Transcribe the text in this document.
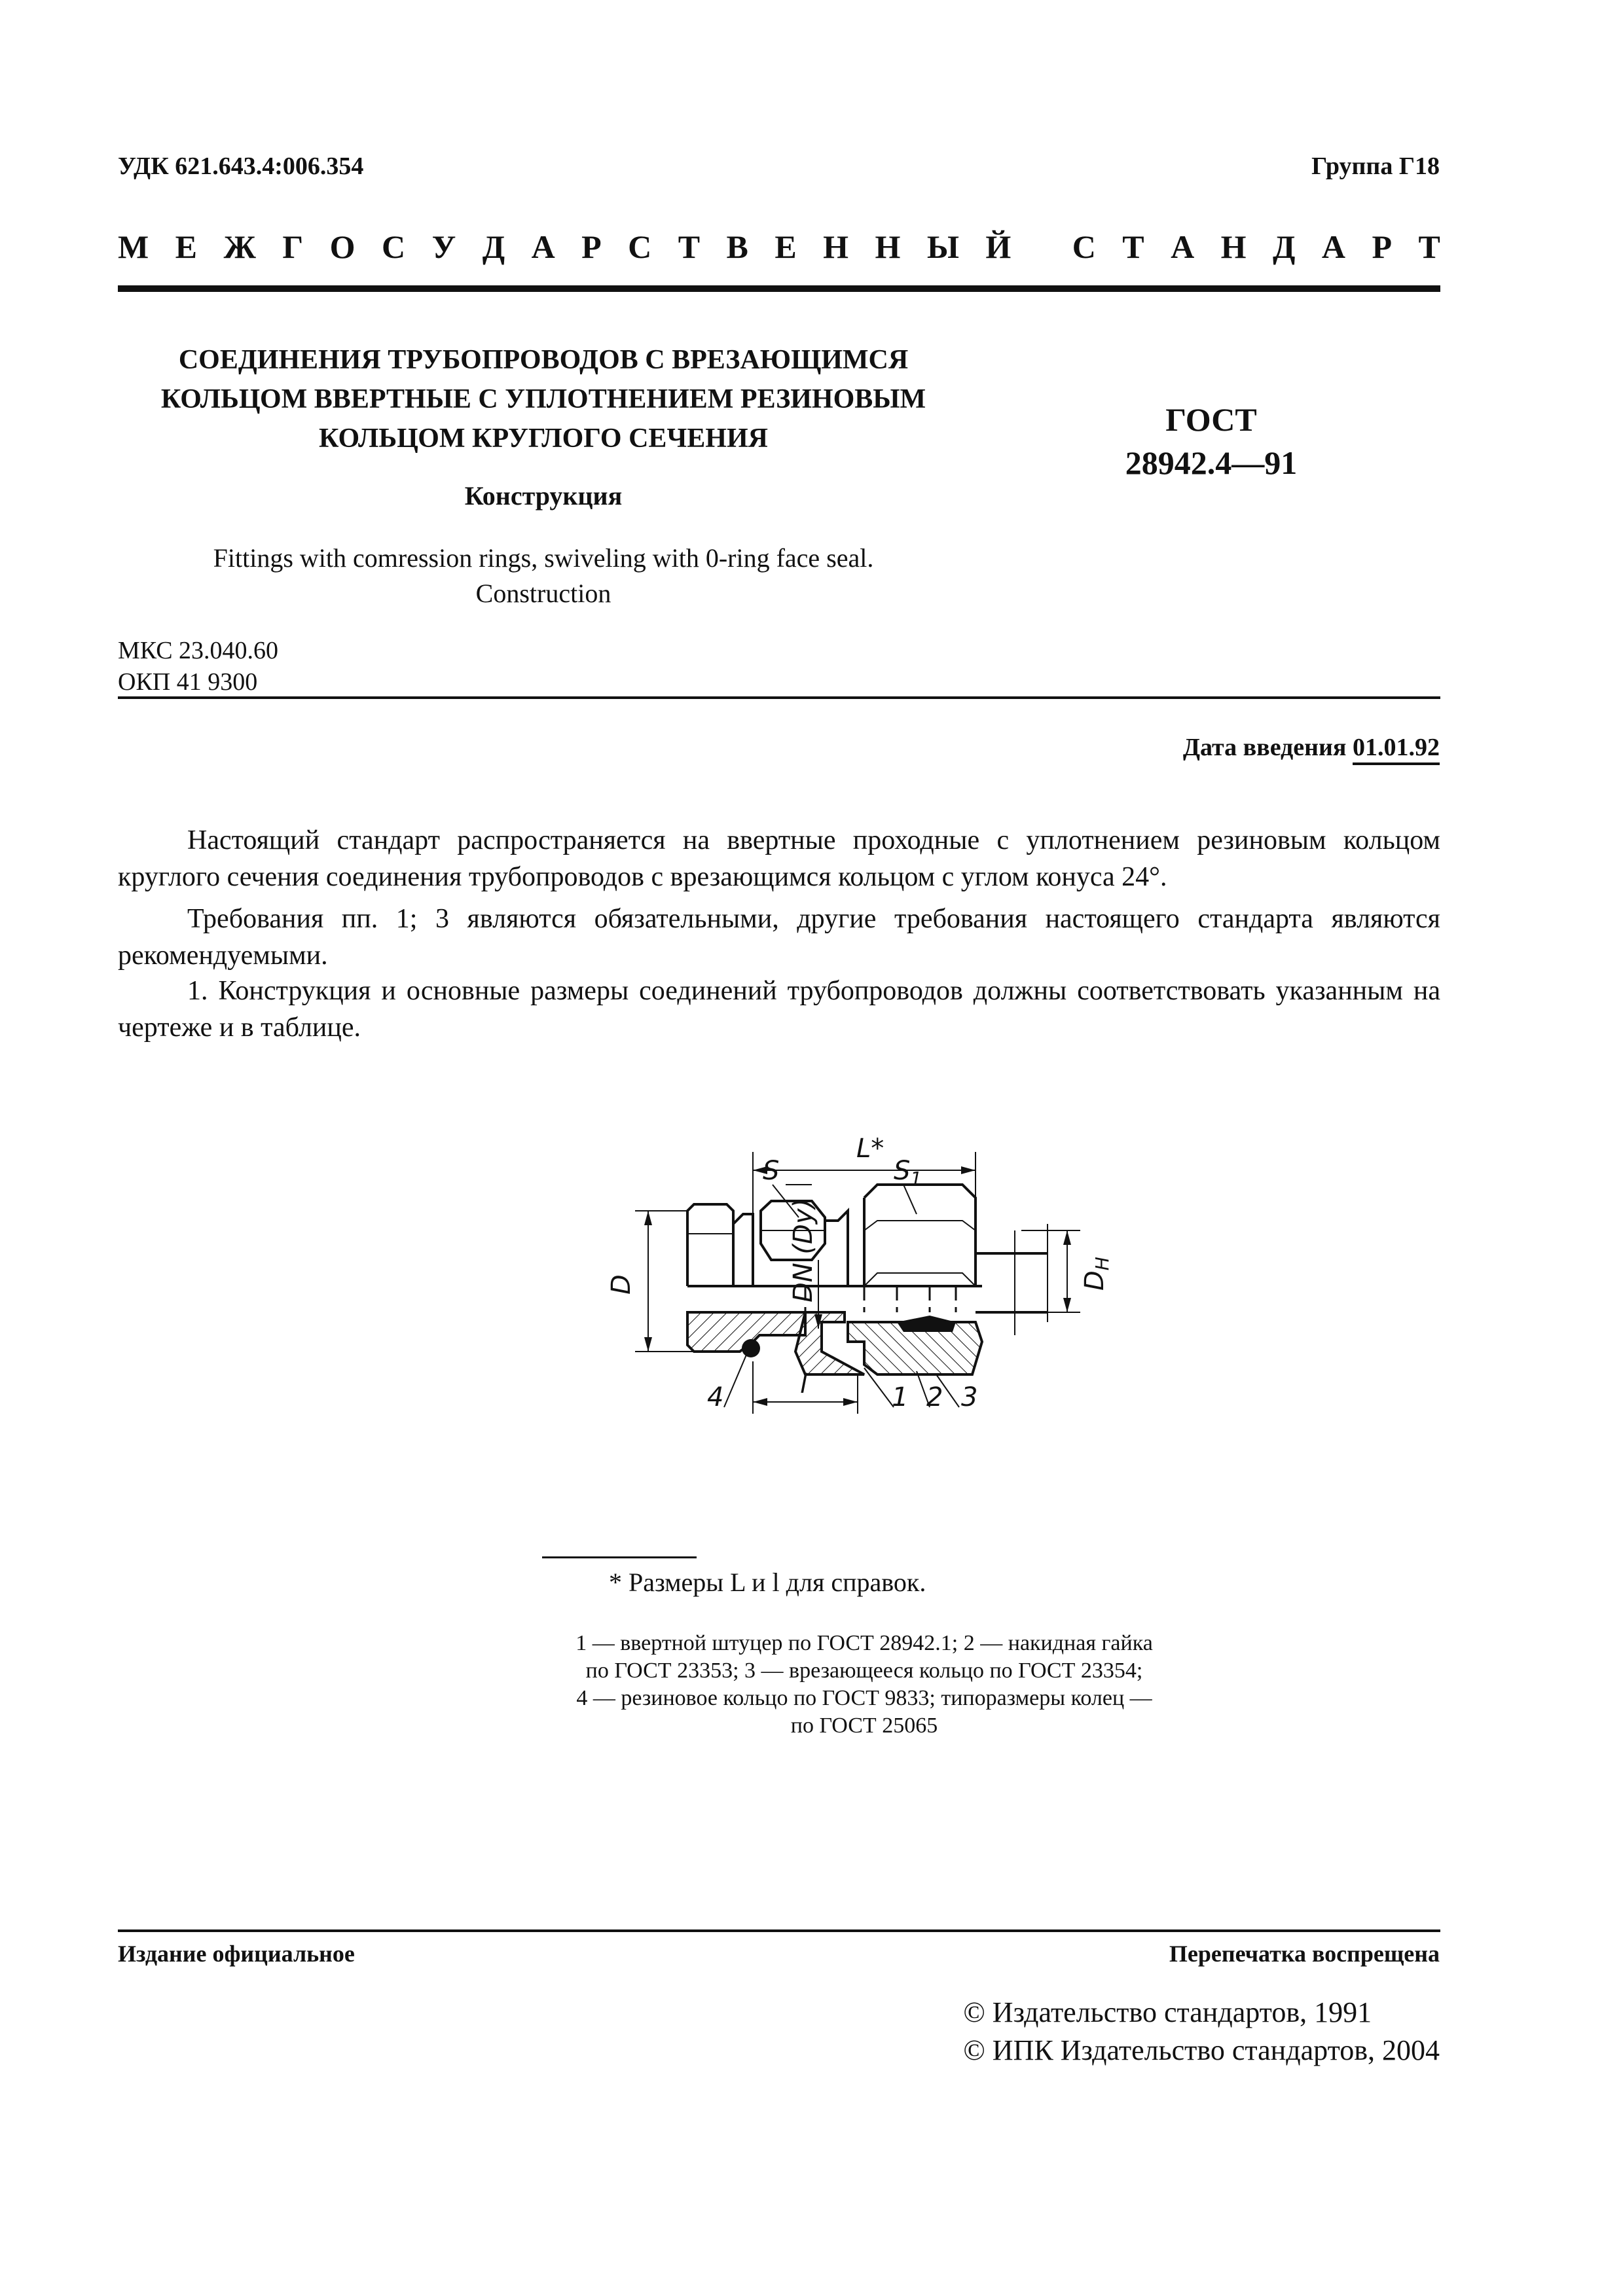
УДК 621.643.4:006.354	Группа Г18
М Е Ж Г О С У Д А Р С Т В Е Н Н Ы Й
С Т А Н Д А Р Т
СОЕДИНЕНИЯ ТРУБОПРОВОДОВ С ВРЕЗАЮЩИМСЯ
КОЛЬЦОМ ВВЕРТНЫЕ С УПЛОТНЕНИЕМ РЕЗИНОВЫМ
КОЛЬЦОМ КРУГЛОГО СЕЧЕНИЯ
Конструкция
Fittings with comression rings, swiveling with 0-ring face seal.
Construction
ГОСТ
28942.4—91
МКС 23.040.60
ОКП 41 9300
Дата введения 01.01.92
Настоящий стандарт распространяется на ввертные проходные с уплотнением резиновым кольцом круглого сечения соединения трубопроводов с врезающимся кольцом с углом конуса 24°.
Требования пп. 1; 3 являются обязательными, другие требования настоящего стандарта являются рекомендуемыми.
1. Конструкция и основные размеры соединений трубопроводов должны соответствовать указанным на чертеже и в таблице.
L*
S	$S_1$
D	DN (Dy)	$D_H$
l
4	1 2 3
* Размеры L и l для справок.
1 — ввертной штуцер по ГОСТ 28942.1; 2 — накидная гайка
по ГОСТ 23353; 3 — врезающееся кольцо по ГОСТ 23354;
4 — резиновое кольцо по ГОСТ 9833; типоразмеры колец —
по ГОСТ 25065
Издание официальное	Перепечатка воспрещена
© Издательство стандартов, 1991
© ИПК Издательство стандартов, 2004
